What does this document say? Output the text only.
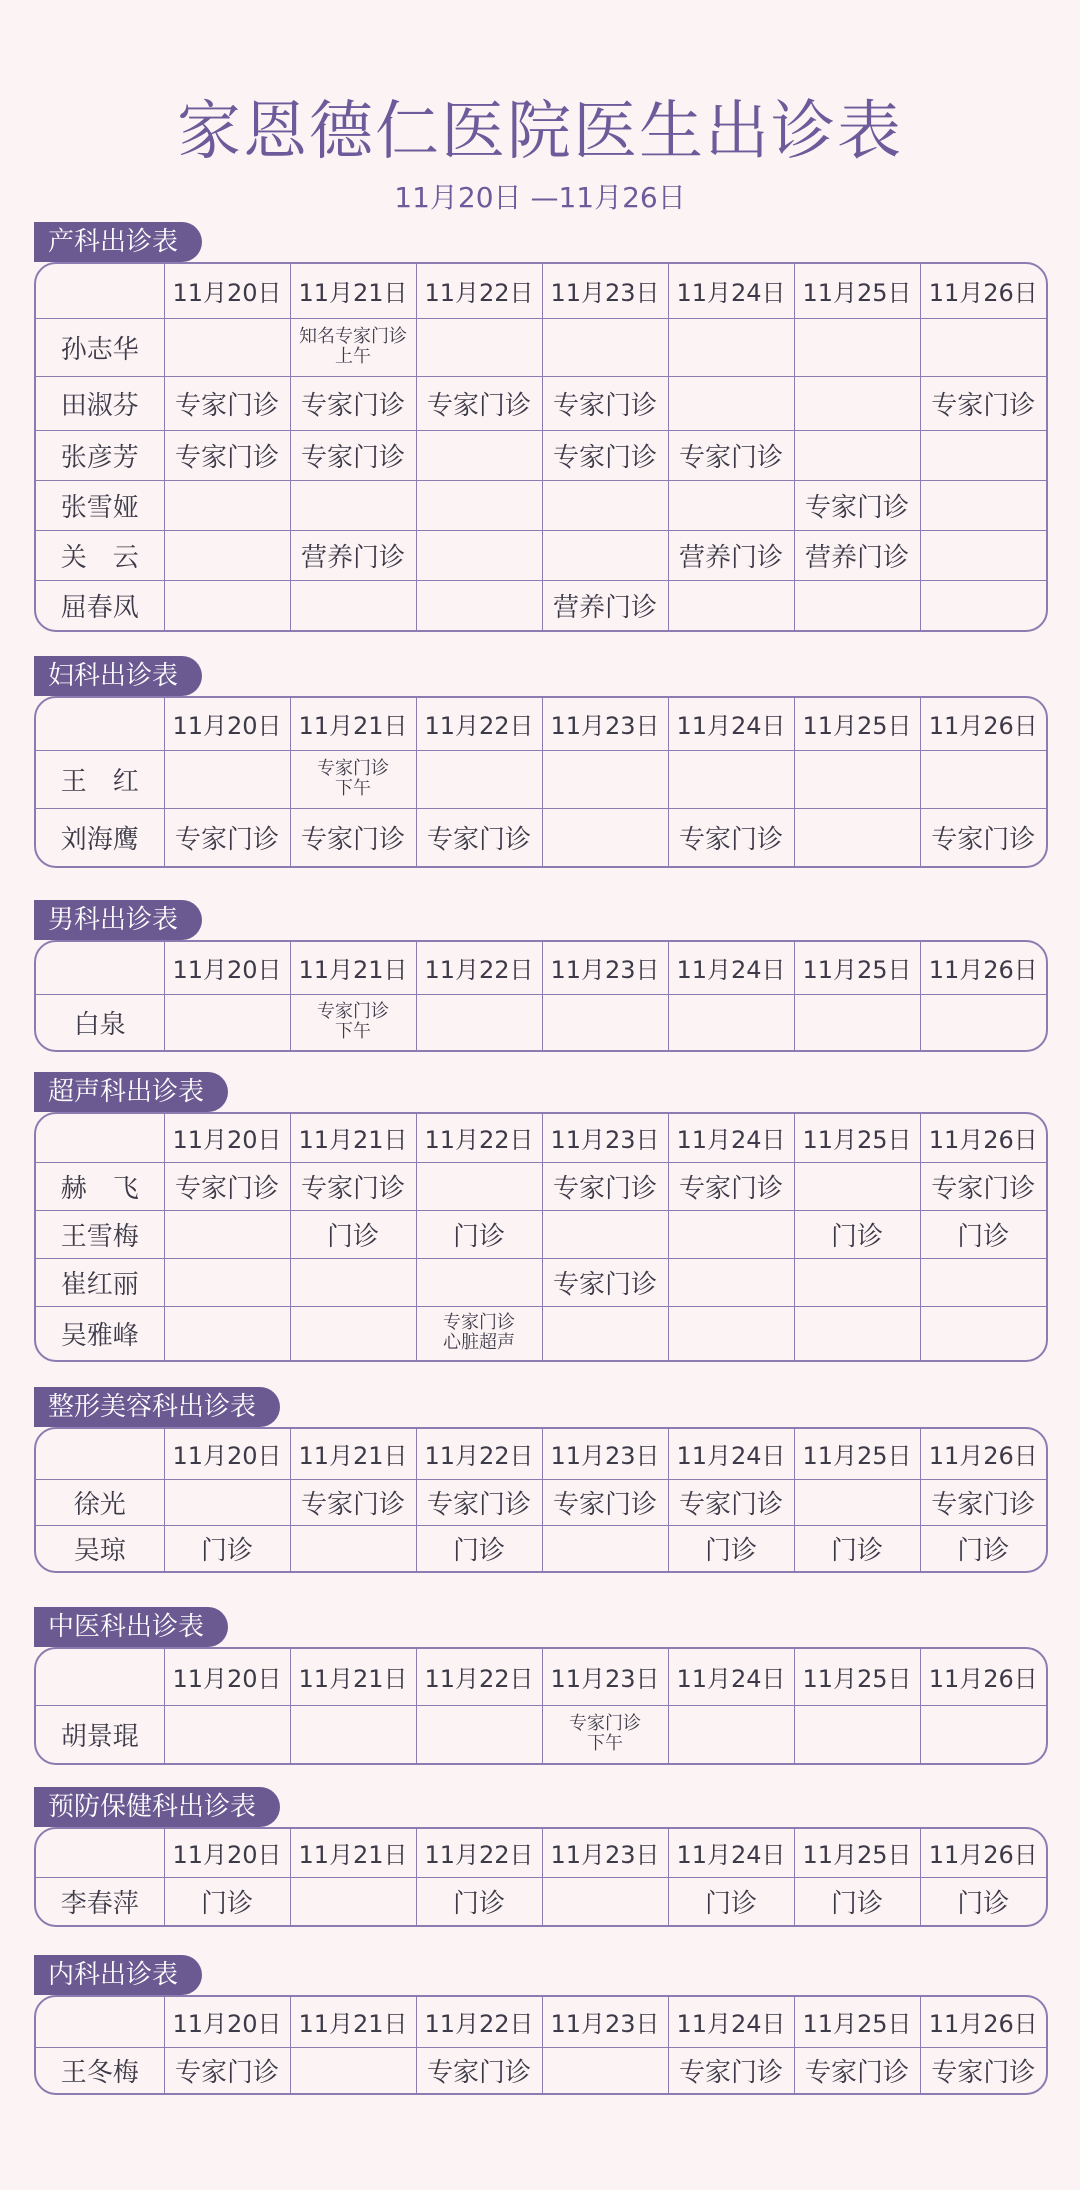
家恩德仁医院医生出诊表
11月20日 —11月26日
产科出诊表
	11月20日	11月21日	11月22日	11月23日	11月24日	11月25日	11月26日
孙志华		知名专家门诊
上午					

田淑芬	专家门诊	专家门诊	专家门诊	专家门诊			专家门诊
张彦芳	专家门诊	专家门诊		专家门诊	专家门诊		
张雪娅						专家门诊	
关　云		营养门诊			营养门诊	营养门诊	
屈春凤				营养门诊			
妇科出诊表
	11月20日	11月21日	11月22日	11月23日	11月24日	11月25日	11月26日
王　红		专家门诊
下午					

刘海鹰	专家门诊	专家门诊	专家门诊		专家门诊		专家门诊
男科出诊表
	11月20日	11月21日	11月22日	11月23日	11月24日	11月25日	11月26日
白泉		专家门诊
下午					

超声科出诊表
	11月20日	11月21日	11月22日	11月23日	11月24日	11月25日	11月26日
赫　飞	专家门诊	专家门诊		专家门诊	专家门诊		专家门诊
王雪梅		门诊	门诊			门诊	门诊
崔红丽				专家门诊			
吴雅峰			专家门诊
心脏超声				

整形美容科出诊表
	11月20日	11月21日	11月22日	11月23日	11月24日	11月25日	11月26日
徐光		专家门诊	专家门诊	专家门诊	专家门诊		专家门诊
吴琼	门诊		门诊		门诊	门诊	门诊
中医科出诊表
	11月20日	11月21日	11月22日	11月23日	11月24日	11月25日	11月26日
胡景琨				专家门诊
下午			

预防保健科出诊表
	11月20日	11月21日	11月22日	11月23日	11月24日	11月25日	11月26日
李春萍	门诊		门诊		门诊	门诊	门诊
内科出诊表
	11月20日	11月21日	11月22日	11月23日	11月24日	11月25日	11月26日
王冬梅	专家门诊		专家门诊		专家门诊	专家门诊	专家门诊
